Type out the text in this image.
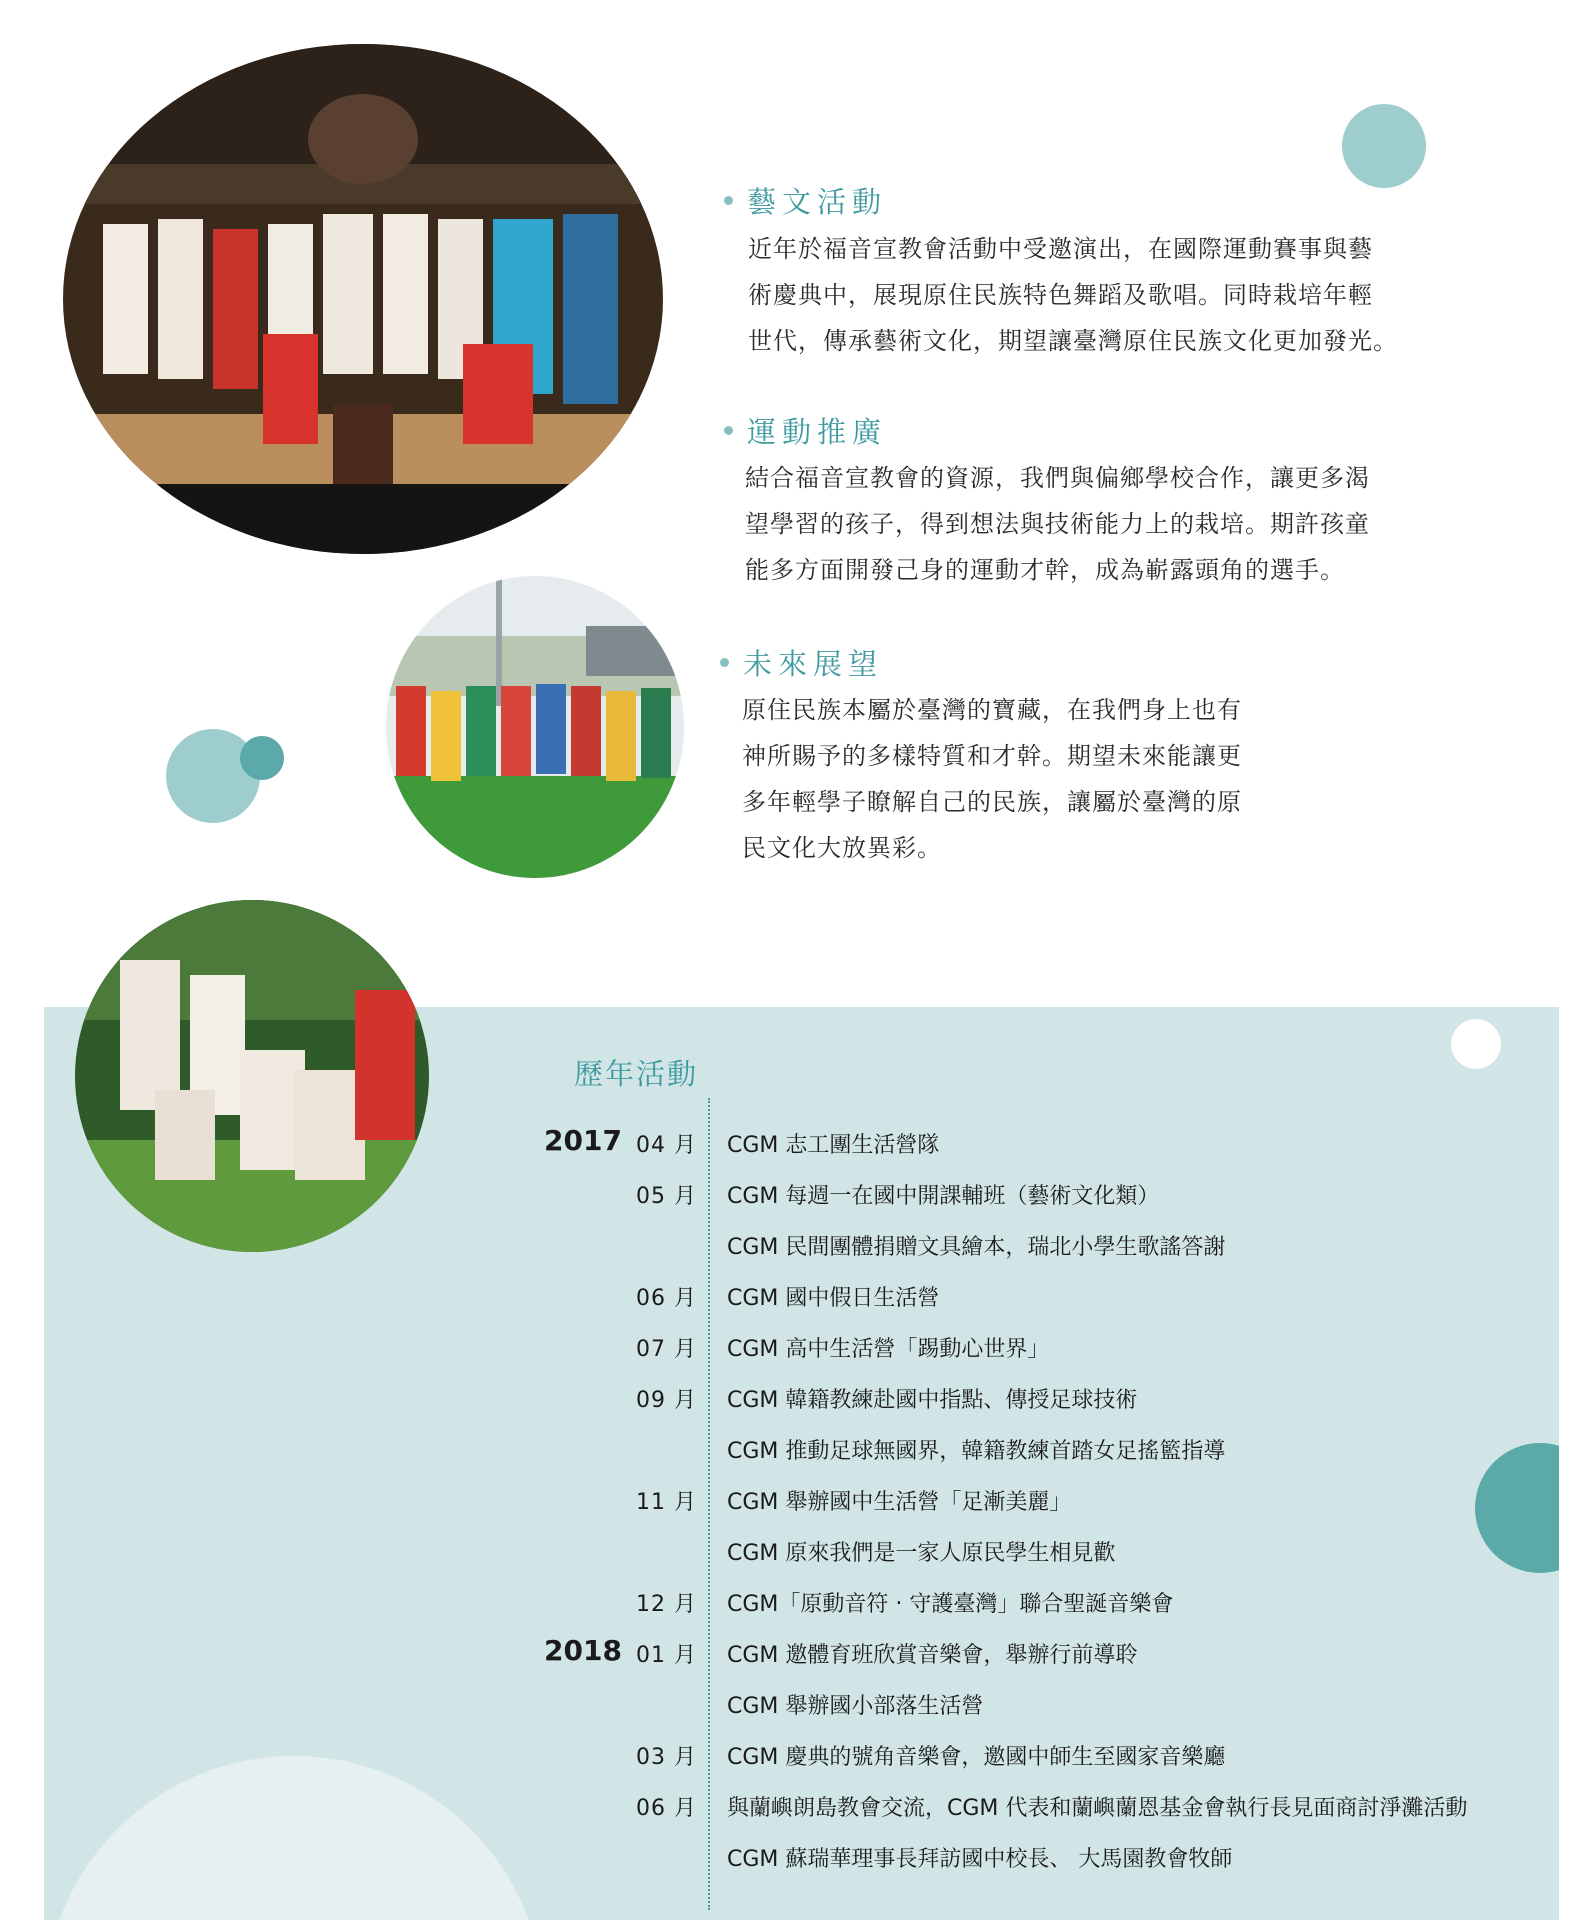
藝文活動
近年於福音宣教會活動中受邀演出，在國際運動賽事與藝
術慶典中，展現原住民族特色舞蹈及歌唱。同時栽培年輕
世代，傳承藝術文化，期望讓臺灣原住民族文化更加發光。
運動推廣
結合福音宣教會的資源，我們與偏鄉學校合作，讓更多渴
望學習的孩子，得到想法與技術能力上的栽培。期許孩童
能多方面開發己身的運動才幹，成為嶄露頭角的選手。
未來展望
原住民族本屬於臺灣的寶藏，在我們身上也有
神所賜予的多樣特質和才幹。期望未來能讓更
多年輕學子瞭解自己的民族，讓屬於臺灣的原
民文化大放異彩。
歷年活動
2017 04 月 CGM 志工團生活營隊
05 月 CGM 每週一在國中開課輔班（藝術文化類）
CGM 民間團體捐贈文具繪本，瑞北小學生歌謠答謝
06 月 CGM 國中假日生活營
07 月 CGM 高中生活營「踢動心世界」
09 月 CGM 韓籍教練赴國中指點、傳授足球技術
CGM 推動足球無國界，韓籍教練首踏女足搖籃指導
11 月 CGM 舉辦國中生活營「足漸美麗」
CGM 原來我們是一家人原民學生相見歡
12 月 CGM「原動音符 ‧ 守護臺灣」聯合聖誕音樂會
2018 01 月 CGM 邀體育班欣賞音樂會，舉辦行前導聆
CGM 舉辦國小部落生活營
03 月 CGM 慶典的號角音樂會，邀國中師生至國家音樂廳
06 月 與蘭嶼朗島教會交流，CGM 代表和蘭嶼蘭恩基金會執行長見面商討淨灘活動
CGM 蘇瑞華理事長拜訪國中校長、 大馬園教會牧師
